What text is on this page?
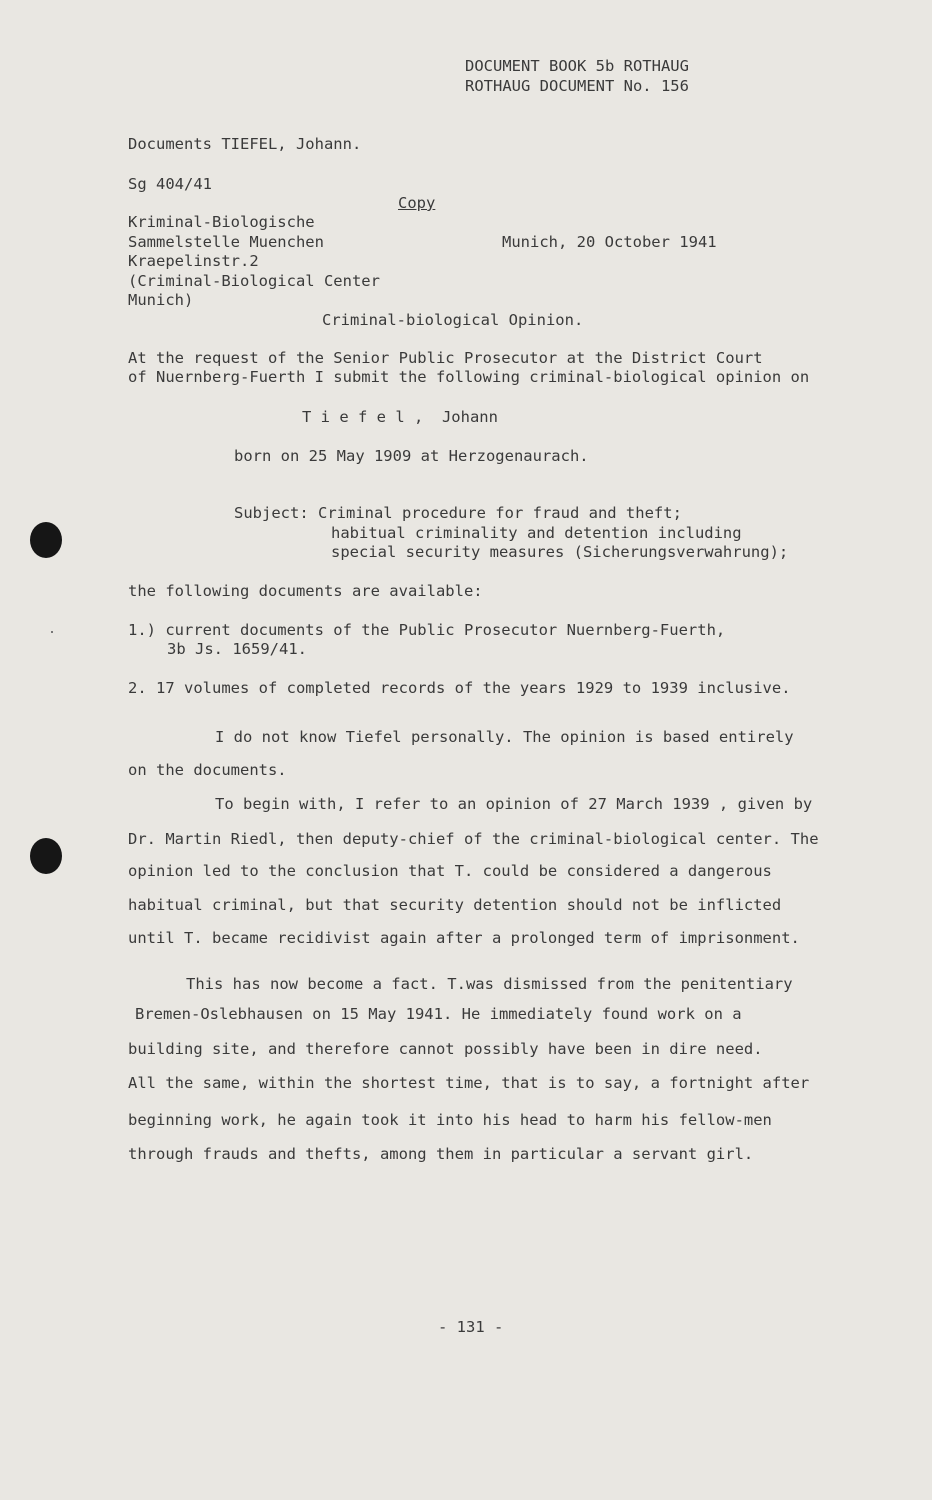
DOCUMENT BOOK 5b ROTHAUG
ROTHAUG DOCUMENT No. 156
Documents TIEFEL, Johann.
Sg 404/41
Copy
Kriminal-Biologische
Sammelstelle Muenchen	Munich, 20 October 1941
Kraepelinstr.2
(Criminal-Biological Center
Munich)
Criminal-biological Opinion.
At the request of the Senior Public Prosecutor at the District Court
of Nuernberg-Fuerth I submit the following criminal-biological opinion on
T i e f e l ,  Johann
born on 25 May 1909 at Herzogenaurach.
Subject: Criminal procedure for fraud and theft;
habitual criminality and detention including
special security measures (Sicherungsverwahrung);
the following documents are available:
1.) current documents of the Public Prosecutor Nuernberg-Fuerth,
3b Js. 1659/41.
2. 17 volumes of completed records of the years 1929 to 1939 inclusive.
I do not know Tiefel personally. The opinion is based entirely
on the documents.
To begin with, I refer to an opinion of 27 March 1939 , given by
Dr. Martin Riedl, then deputy-chief of the criminal-biological center. The
opinion led to the conclusion that T. could be considered a dangerous
habitual criminal, but that security detention should not be inflicted
until T. became recidivist again after a prolonged term of imprisonment.
This has now become a fact. T.was dismissed from the penitentiary
Bremen-Oslebhausen on 15 May 1941. He immediately found work on a
building site, and therefore cannot possibly have been in dire need.
All the same, within the shortest time, that is to say, a fortnight after
beginning work, he again took it into his head to harm his fellow-men
through frauds and thefts, among them in particular a servant girl.
- 131 -
